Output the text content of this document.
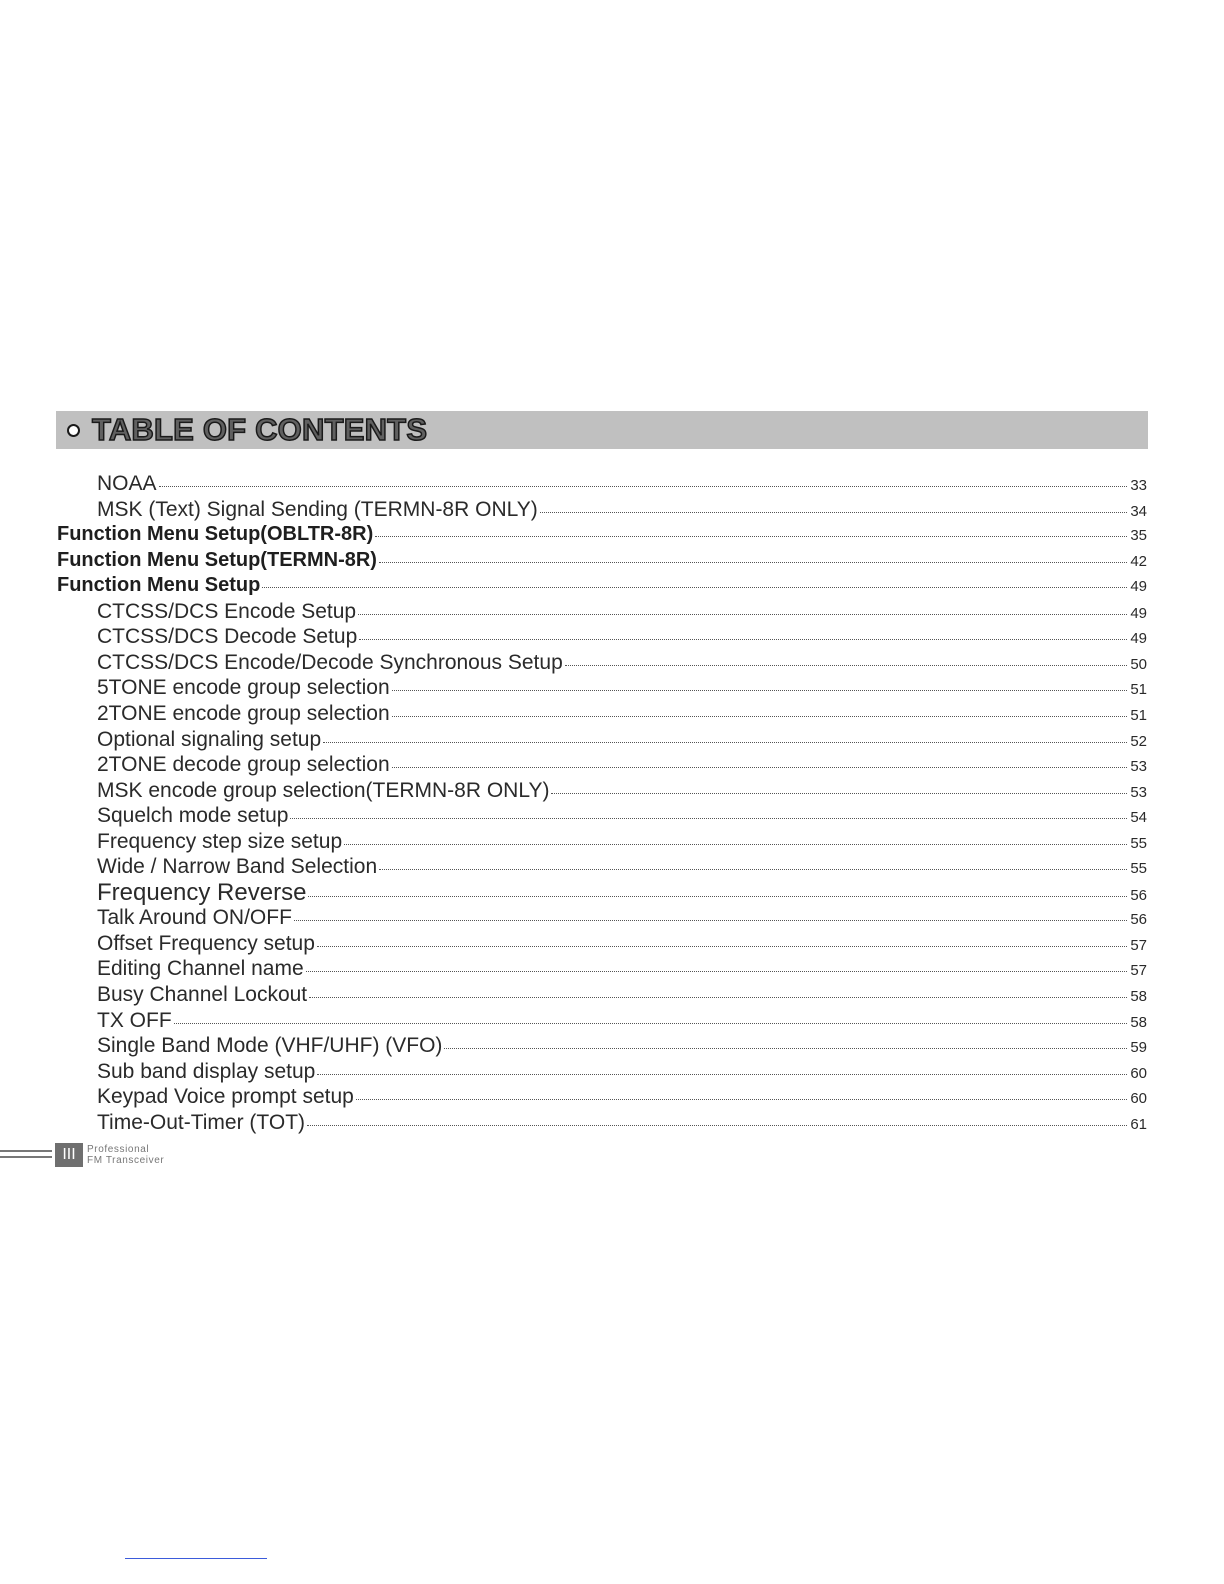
TABLE OF CONTENTS
NOAA	33
MSK (Text) Signal Sending (TERMN-8R ONLY)	34
Function Menu Setup(OBLTR-8R)	35
Function Menu Setup(TERMN-8R)	42
Function Menu Setup	49
CTCSS/DCS Encode Setup	49
CTCSS/DCS Decode Setup	49
CTCSS/DCS Encode/Decode Synchronous Setup	50
5TONE encode group selection	51
2TONE encode group selection	51
Optional signaling setup	52
2TONE decode group selection	53
MSK encode group selection(TERMN-8R ONLY)	53
Squelch mode setup	54
Frequency step size setup	55
Wide / Narrow Band Selection	55
Frequency Reverse	56
Talk Around ON/OFF	56
Offset Frequency setup	57
Editing Channel name	57
Busy Channel Lockout	58
TX OFF	58
Single Band Mode (VHF/UHF) (VFO)	59
Sub band display setup	60
Keypad Voice prompt setup	60
Time-Out-Timer (TOT)	61
III	Professional
FM Transceiver
